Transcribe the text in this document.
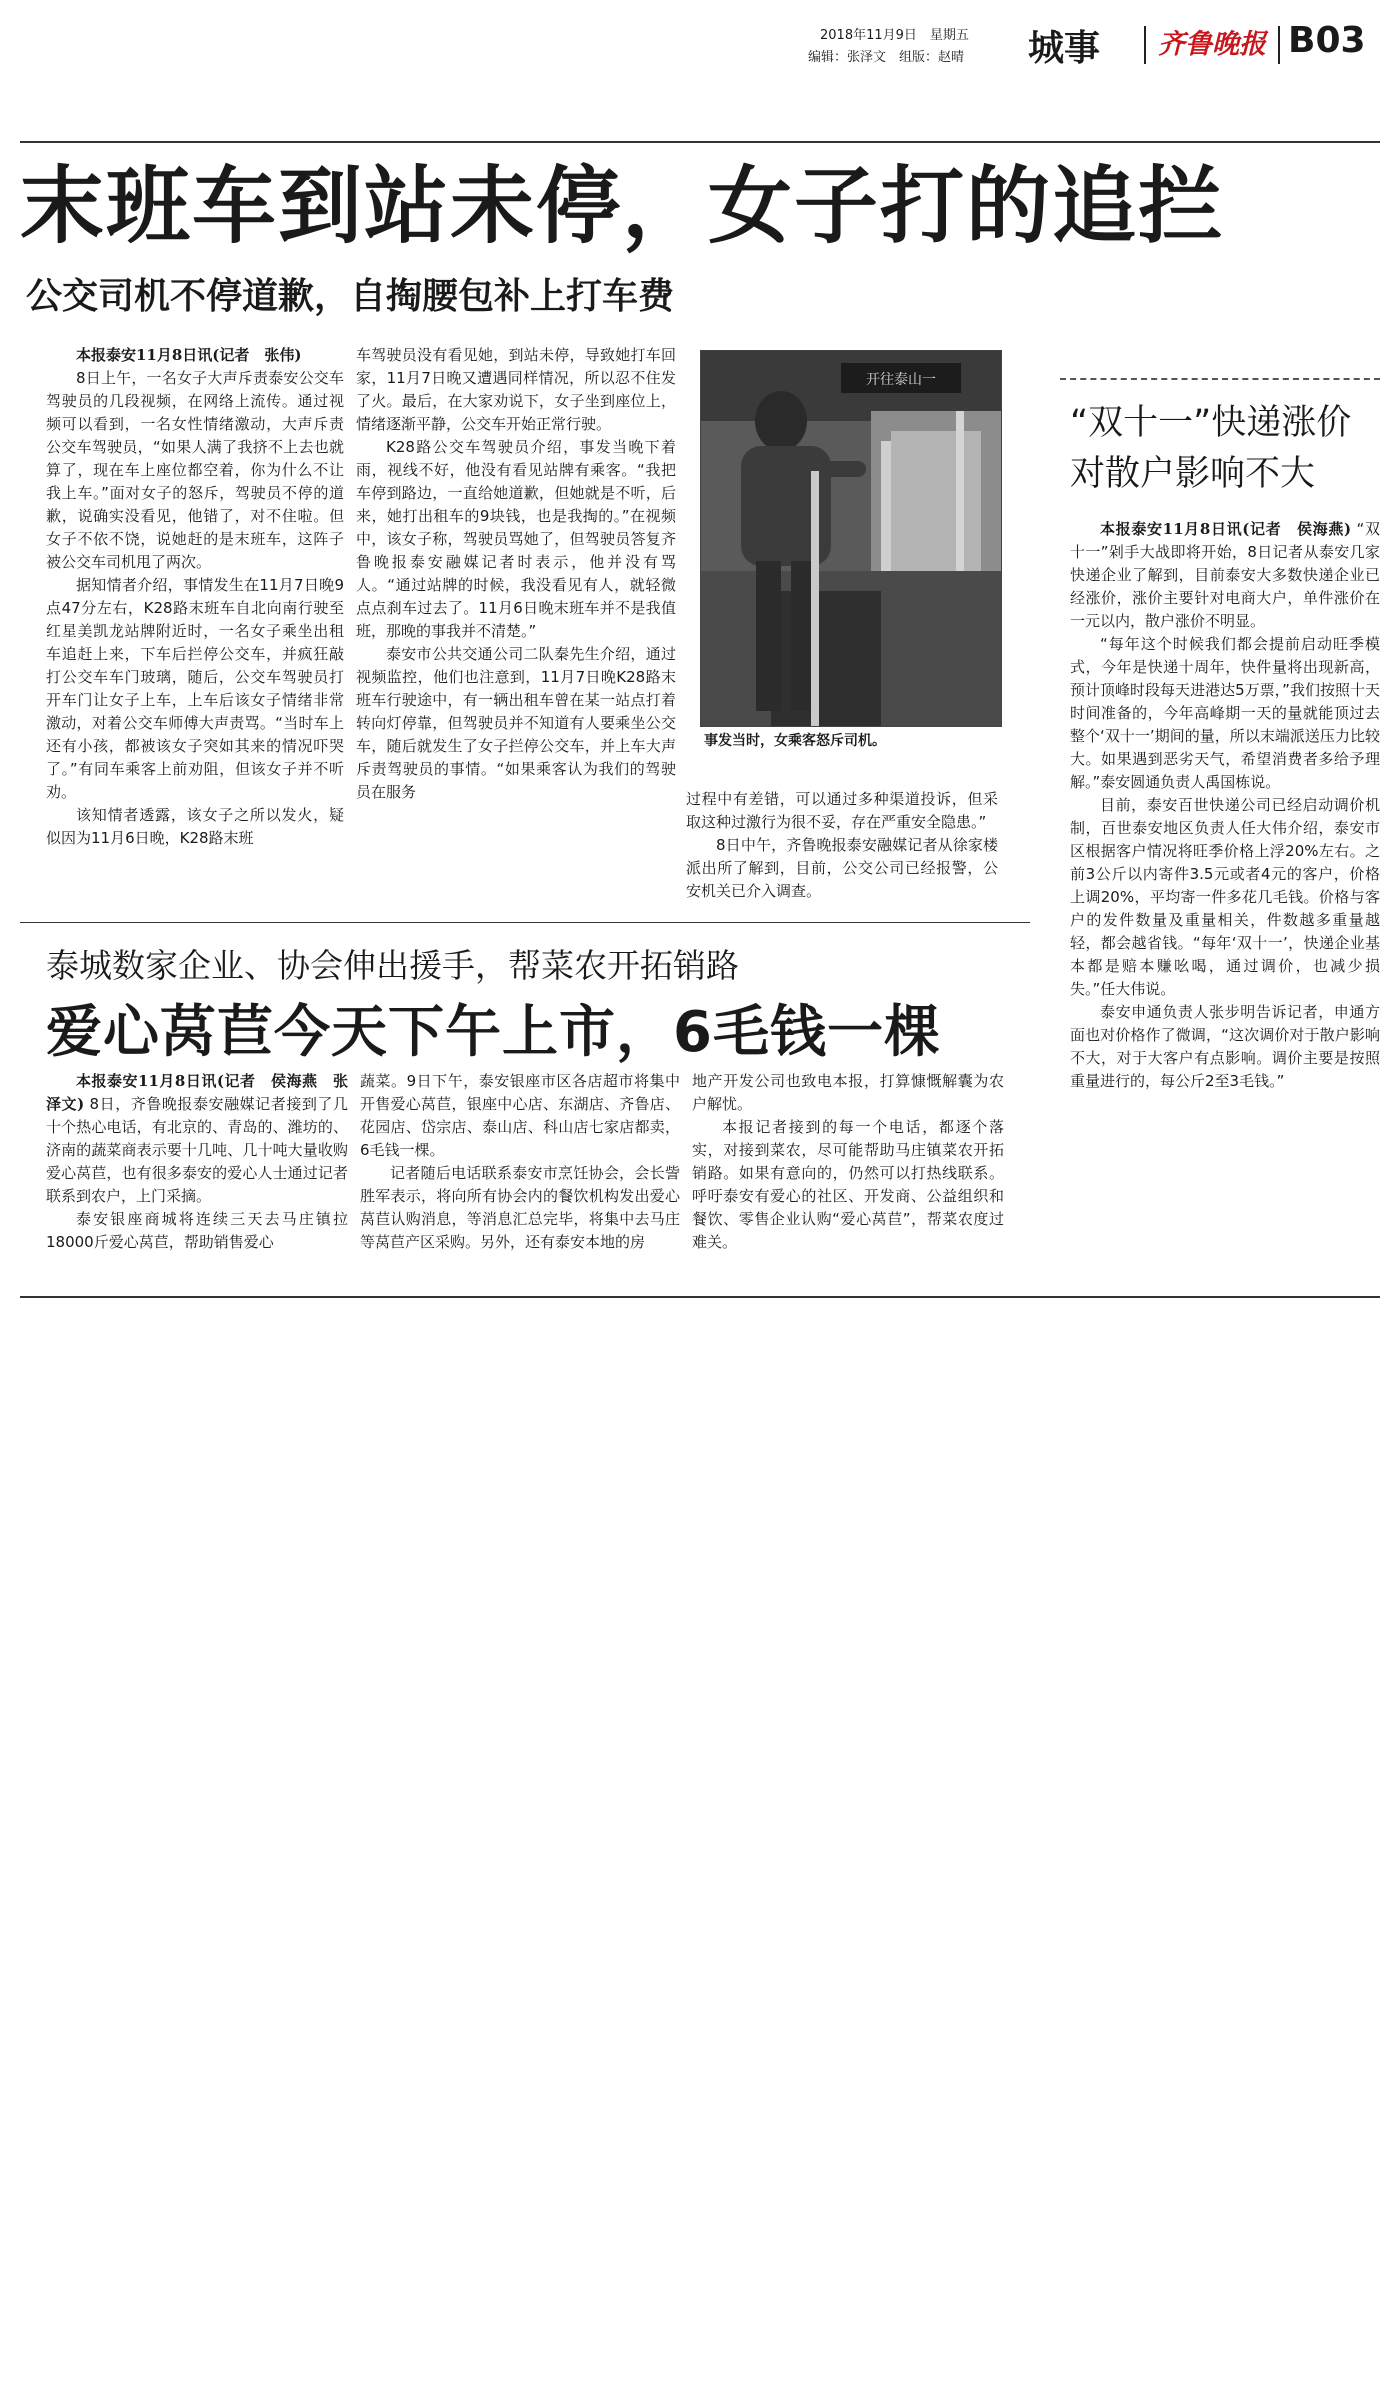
2018年11月9日　星期五
编辑：张泽文　组版：赵晴 城事 齐鲁晚报 B03
末班车到站未停，女子打的追拦
公交司机不停道歉，自掏腰包补上打车费

本报泰安11月8日讯(记者　张伟)

8日上午，一名女子大声斥责泰安公交车驾驶员的几段视频，在网络上流传。通过视频可以看到，一名女性情绪激动，大声斥责公交车驾驶员，“如果人满了我挤不上去也就算了，现在车上座位都空着，你为什么不让我上车。”面对女子的怒斥，驾驶员不停的道歉，说确实没看见，他错了，对不住啦。但女子不依不饶，说她赶的是末班车，这阵子被公交车司机甩了两次。

据知情者介绍，事情发生在11月7日晚9点47分左右，K28路末班车自北向南行驶至红星美凯龙站牌附近时，一名女子乘坐出租车追赶上来，下车后拦停公交车，并疯狂敲打公交车车门玻璃，随后，公交车驾驶员打开车门让女子上车，上车后该女子情绪非常激动，对着公交车师傅大声责骂。“当时车上还有小孩，都被该女子突如其来的情况吓哭了。”有同车乘客上前劝阻，但该女子并不听劝。

该知情者透露，该女子之所以发火，疑似因为11月6日晚，K28路末班

车驾驶员没有看见她，到站未停，导致她打车回家，11月7日晚又遭遇同样情况，所以忍不住发了火。最后，在大家劝说下，女子坐到座位上，情绪逐渐平静，公交车开始正常行驶。

K28路公交车驾驶员介绍，事发当晚下着雨，视线不好，他没有看见站牌有乘客。“我把车停到路边，一直给她道歉，但她就是不听，后来，她打出租车的9块钱，也是我掏的。”在视频中，该女子称，驾驶员骂她了，但驾驶员答复齐鲁晚报泰安融媒记者时表示，他并没有骂人。“通过站牌的时候，我没看见有人，就轻微点点刹车过去了。11月6日晚末班车并不是我值班，那晚的事我并不清楚。”

泰安市公共交通公司二队秦先生介绍，通过视频监控，他们也注意到，11月7日晚K28路末班车行驶途中，有一辆出租车曾在某一站点打着转向灯停靠，但驾驶员并不知道有人要乘坐公交车，随后就发生了女子拦停公交车，并上车大声斥责驾驶员的事情。“如果乘客认为我们的驾驶员在服务

开往泰山一
事发当时，女乘客怒斥司机。

过程中有差错，可以通过多种渠道投诉，但采取这种过激行为很不妥，存在严重安全隐患。”

8日中午，齐鲁晚报泰安融媒记者从徐家楼派出所了解到，目前，公交公司已经报警，公安机关已介入调查。

泰城数家企业、协会伸出援手，帮菜农开拓销路
爱心莴苣今天下午上市，6毛钱一棵

本报泰安11月8日讯(记者　侯海燕　张泽文) 8日，齐鲁晚报泰安融媒记者接到了几十个热心电话，有北京的、青岛的、潍坊的、济南的蔬菜商表示要十几吨、几十吨大量收购爱心莴苣，也有很多泰安的爱心人士通过记者联系到农户，上门采摘。

泰安银座商城将连续三天去马庄镇拉18000斤爱心莴苣，帮助销售爱心

蔬菜。9日下午，泰安银座市区各店超市将集中开售爱心莴苣，银座中心店、东湖店、齐鲁店、花园店、岱宗店、泰山店、科山店七家店都卖，6毛钱一棵。

记者随后电话联系泰安市烹饪协会，会长訾胜军表示，将向所有协会内的餐饮机构发出爱心莴苣认购消息，等消息汇总完毕，将集中去马庄等莴苣产区采购。另外，还有泰安本地的房

地产开发公司也致电本报，打算慷慨解囊为农户解忧。

本报记者接到的每一个电话，都逐个落实，对接到菜农，尽可能帮助马庄镇菜农开拓销路。如果有意向的，仍然可以打热线联系。呼吁泰安有爱心的社区、开发商、公益组织和餐饮、零售企业认购“爱心莴苣”，帮菜农度过难关。

“双十一”快递涨价对散户影响不大

本报泰安11月8日讯(记者　侯海燕) “双十一”剁手大战即将开始，8日记者从泰安几家快递企业了解到，目前泰安大多数快递企业已经涨价，涨价主要针对电商大户，单件涨价在一元以内，散户涨价不明显。

“每年这个时候我们都会提前启动旺季模式，今年是快递十周年，快件量将出现新高，预计顶峰时段每天进港达5万票，”我们按照十天时间准备的，今年高峰期一天的量就能顶过去整个‘双十一’期间的量，所以末端派送压力比较大。如果遇到恶劣天气，希望消费者多给予理解。”泰安圆通负责人禹国栋说。

目前，泰安百世快递公司已经启动调价机制，百世泰安地区负责人任大伟介绍，泰安市区根据客户情况将旺季价格上浮20%左右。之前3公斤以内寄件3.5元或者4元的客户，价格上调20%，平均寄一件多花几毛钱。价格与客户的发件数量及重量相关，件数越多重量越轻，都会越省钱。“每年‘双十一’，快递企业基本都是赔本赚吆喝，通过调价，也减少损失。”任大伟说。

泰安申通负责人张步明告诉记者，申通方面也对价格作了微调，“这次调价对于散户影响不大，对于大客户有点影响。调价主要是按照重量进行的，每公斤2至3毛钱。”
